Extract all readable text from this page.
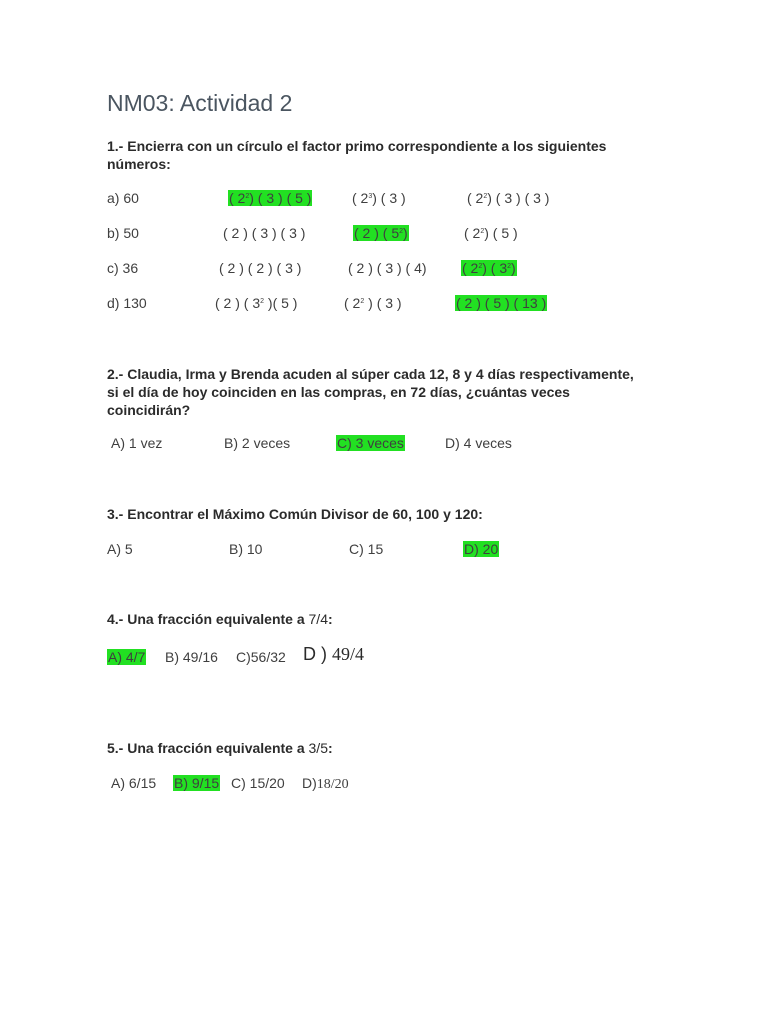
NM03: Actividad 2
1.- Encierra con un círculo el factor primo correspondiente a los siguientes
números:
a) 60	( $2^2$) ( 3 ) ( 5 )	( $2^3$) ( 3 )	( $2^2$) ( 3 ) ( 3 )
b) 50	( 2 ) ( 3 ) ( 3 )	( 2 ) ( $5^2$)	( $2^2$) ( 5 )
c) 36	( 2 ) ( 2 ) ( 3 )	( 2 ) ( 3 ) ( 4)	( $2^2$) ( $3^2$)
d) 130	( 2 ) ( $3^2$ )( 5 )	( $2^2$ ) ( 3 )	( 2 ) ( 5 ) ( 13 )
2.- Claudia, Irma y Brenda acuden al súper cada 12, 8 y 4 días respectivamente,
si el día de hoy coinciden en las compras, en 72 días, ¿cuántas veces
coincidirán?
A) 1 vez	B) 2 veces	C) 3 veces	D) 4 veces
3.- Encontrar el Máximo Común Divisor de 60, 100 y 120:
A) 5	B) 10	C) 15	D) 20
4.- Una fracción equivalente a 7/4:
A) 4/7 B) 49/16 C)56/32 D ) 49/4
5.- Una fracción equivalente a 3/5:
A) 6/15 B) 9/15 C) 15/20 D)18/20
